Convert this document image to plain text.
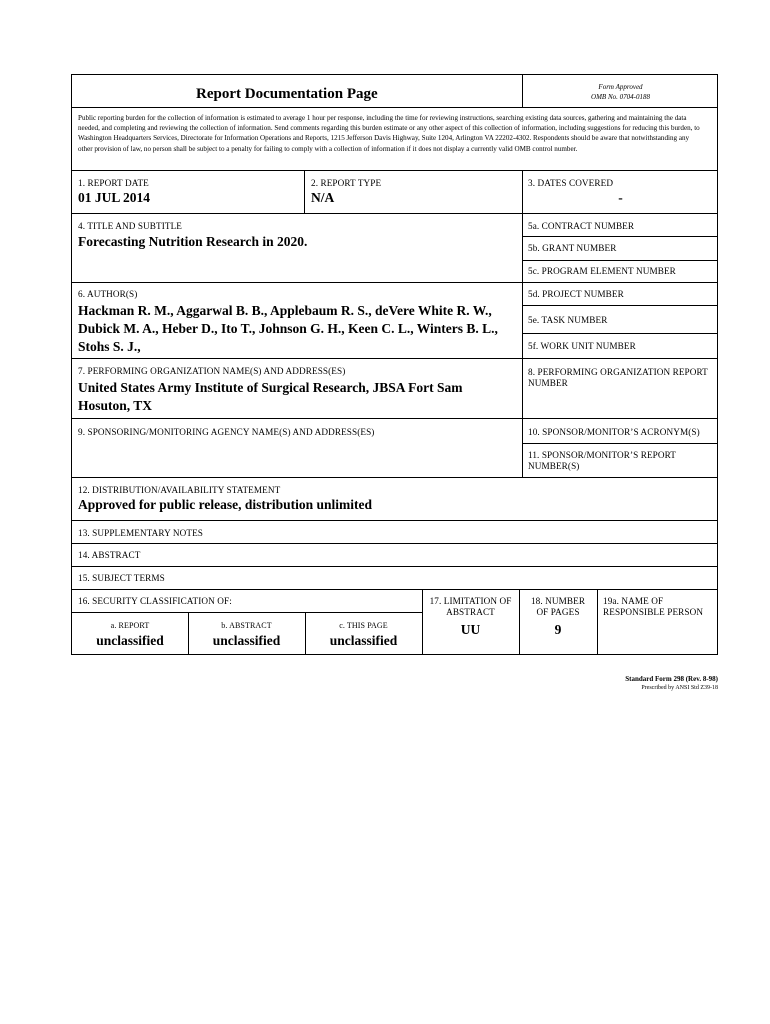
Report Documentation Page	Form Approved
OMB No. 0704-0188
Public reporting burden for the collection of information is estimated to average 1 hour per response, including the time for reviewing instructions, searching existing data sources, gathering and maintaining the data needed, and completing and reviewing the collection of information. Send comments regarding this burden estimate or any other aspect of this collection of information, including suggestions for reducing this burden, to Washington Headquarters Services, Directorate for Information Operations and Reports, 1215 Jefferson Davis Highway, Suite 1204, Arlington VA 22202-4302. Respondents should be aware that notwithstanding any other provision of law, no person shall be subject to a penalty for failing to comply with a collection of information if it does not display a currently valid OMB control number.
1. REPORT DATE
01 JUL 2014
2. REPORT TYPE
N/A
3. DATES COVERED
-
4. TITLE AND SUBTITLE
Forecasting Nutrition Research in 2020.
5a. CONTRACT NUMBER
5b. GRANT NUMBER
5c. PROGRAM ELEMENT NUMBER
6. AUTHOR(S)
Hackman R. M., Aggarwal B. B., Applebaum R. S., deVere White R. W., Dubick M. A., Heber D., Ito T., Johnson G. H., Keen C. L., Winters B. L., Stohs S. J.,
5d. PROJECT NUMBER
5e. TASK NUMBER
5f. WORK UNIT NUMBER
7. PERFORMING ORGANIZATION NAME(S) AND ADDRESS(ES)
United States Army Institute of Surgical Research, JBSA Fort Sam Hosuton, TX
8. PERFORMING ORGANIZATION REPORT NUMBER
9. SPONSORING/MONITORING AGENCY NAME(S) AND ADDRESS(ES)	10. SPONSOR/MONITOR’S ACRONYM(S)
11. SPONSOR/MONITOR’S REPORT NUMBER(S)
12. DISTRIBUTION/AVAILABILITY STATEMENT
Approved for public release, distribution unlimited
13. SUPPLEMENTARY NOTES
14. ABSTRACT
15. SUBJECT TERMS
16. SECURITY CLASSIFICATION OF:
a. REPORT
unclassified
b. ABSTRACT
unclassified
c. THIS PAGE
unclassified
17. LIMITATION OF
ABSTRACT
UU
18. NUMBER
OF PAGES
9
19a. NAME OF
RESPONSIBLE PERSON
Standard Form 298 (Rev. 8-98)
Prescribed by ANSI Std Z39-18
